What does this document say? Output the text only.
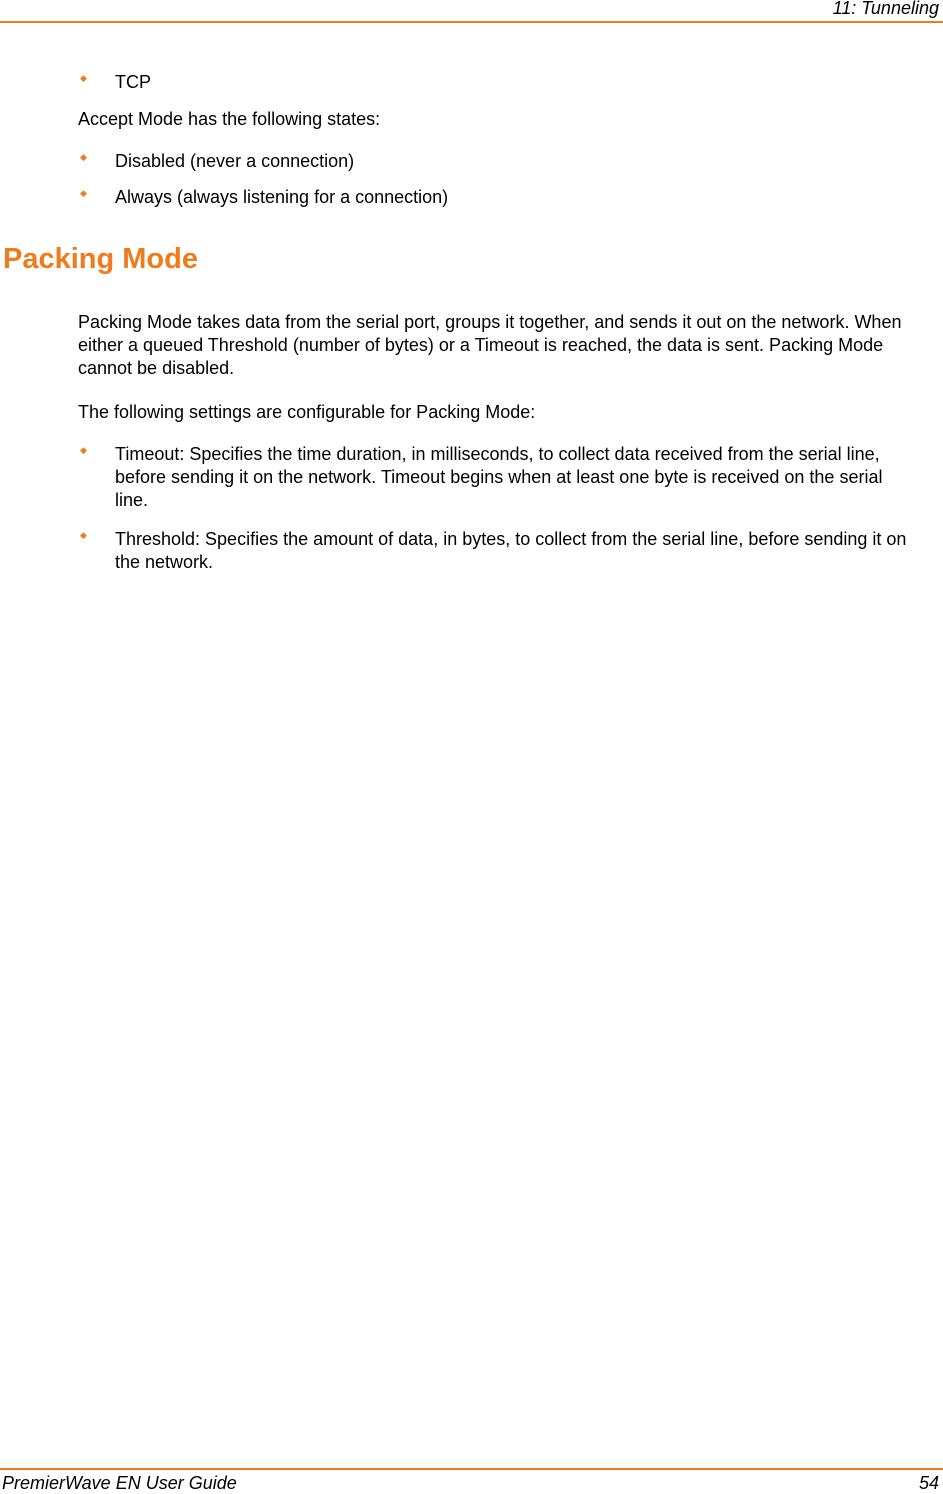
11: Tunneling
◆ TCP
Accept Mode has the following states:
◆ Disabled (never a connection)
◆ Always (always listening for a connection)
Packing Mode
Packing Mode takes data from the serial port, groups it together, and sends it out on the network. When either a queued Threshold (number of bytes) or a Timeout is reached, the data is sent. Packing Mode cannot be disabled.
The following settings are configurable for Packing Mode:
◆ Timeout: Specifies the time duration, in milliseconds, to collect data received from the serial line, before sending it on the network. Timeout begins when at least one byte is received on the serial line.
◆ Threshold: Specifies the amount of data, in bytes, to collect from the serial line, before sending it on the network.
PremierWave EN User Guide	54
